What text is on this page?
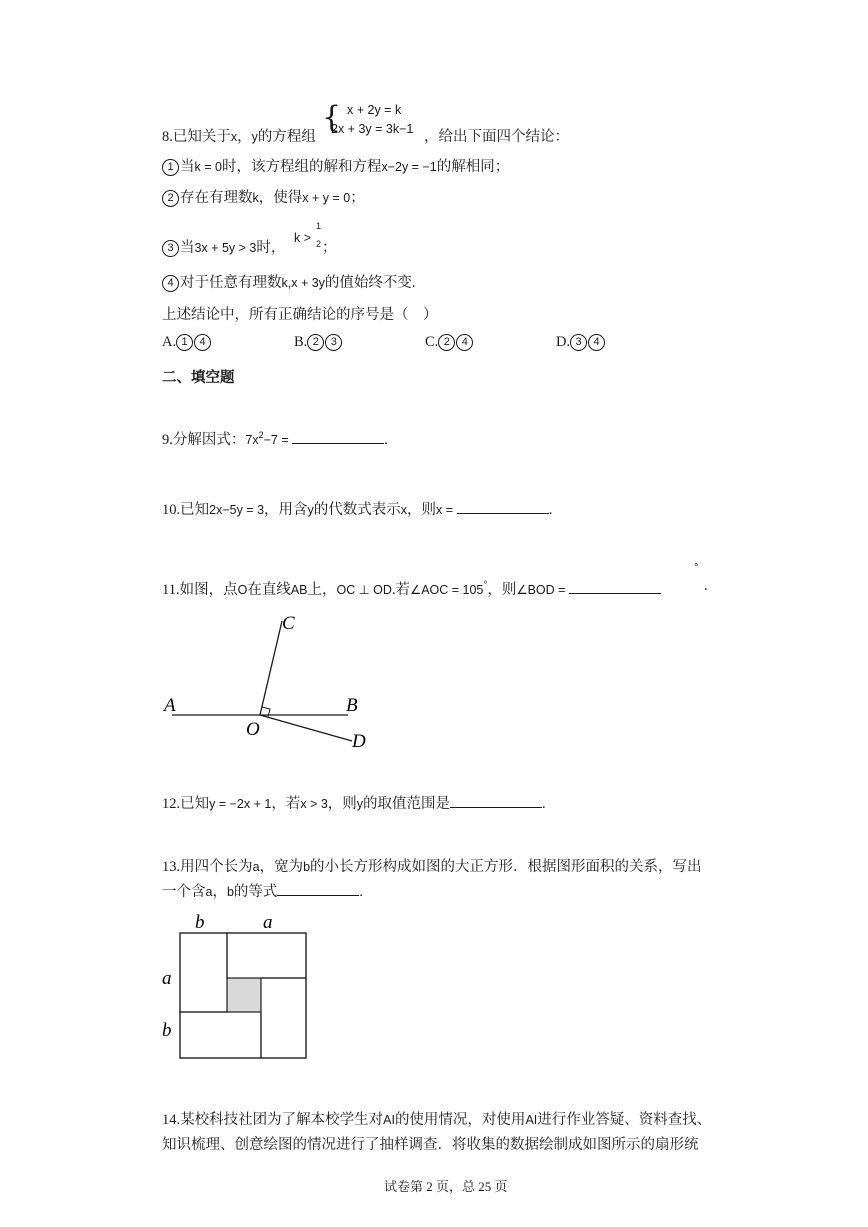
8.已知关于x，y的方程组
{ x + 2y = k
2x + 3y = 3k−1 ，给出下面四个结论：
1 当k = 0时，该方程组的解和方程x−2y = −1的解相同；
2 存在有理数k，使得x + y = 0；
3 当3x + 5y > 3时，
k >
1
2 ；
4 对于任意有理数k,x + 3y的值始终不变.
上述结论中，所有正确结论的序号是（　）
A. 1 4	B. 2 3	C. 2 4	D. 3 4
二、填空题
9.分解因式：$7x^2-7$ =	.
10.已知2x−5y = 3，用含y的代数式表示x，则x =	.
11.如图，点O在直线AB上，OC ⊥ OD.若∠AOC = 105°，则∠BOD =
°
.
A	B
C
O
D
12.已知y = −2x + 1，若x > 3，则y的取值范围是	.
13.用四个长为a，宽为b的小长方形构成如图的大正方形．根据图形面积的关系，写出
一个含a，b的等式	.
b	a
a
b
14.某校科技社团为了解本校学生对AI的使用情况，对使用AI进行作业答疑、资料查找、
知识梳理、创意绘图的情况进行了抽样调查．将收集的数据绘制成如图所示的扇形统
试卷第 2 页，总 25 页
